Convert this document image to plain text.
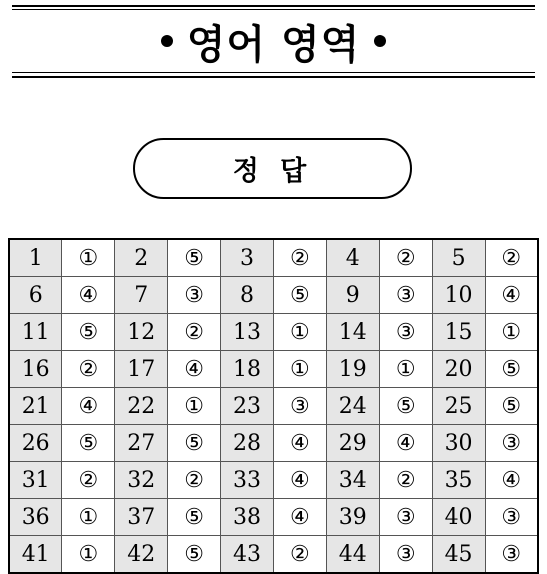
영어 영역
정 답
1	①	2	⑤	3	②	4	②	5	②
6	④	7	③	8	⑤	9	③	10	④
11	⑤	12	②	13	①	14	③	15	①
16	②	17	④	18	①	19	①	20	⑤
21	④	22	①	23	③	24	⑤	25	⑤
26	⑤	27	⑤	28	④	29	④	30	③
31	②	32	②	33	④	34	②	35	④
36	①	37	⑤	38	④	39	③	40	③
41	①	42	⑤	43	②	44	③	45	③
